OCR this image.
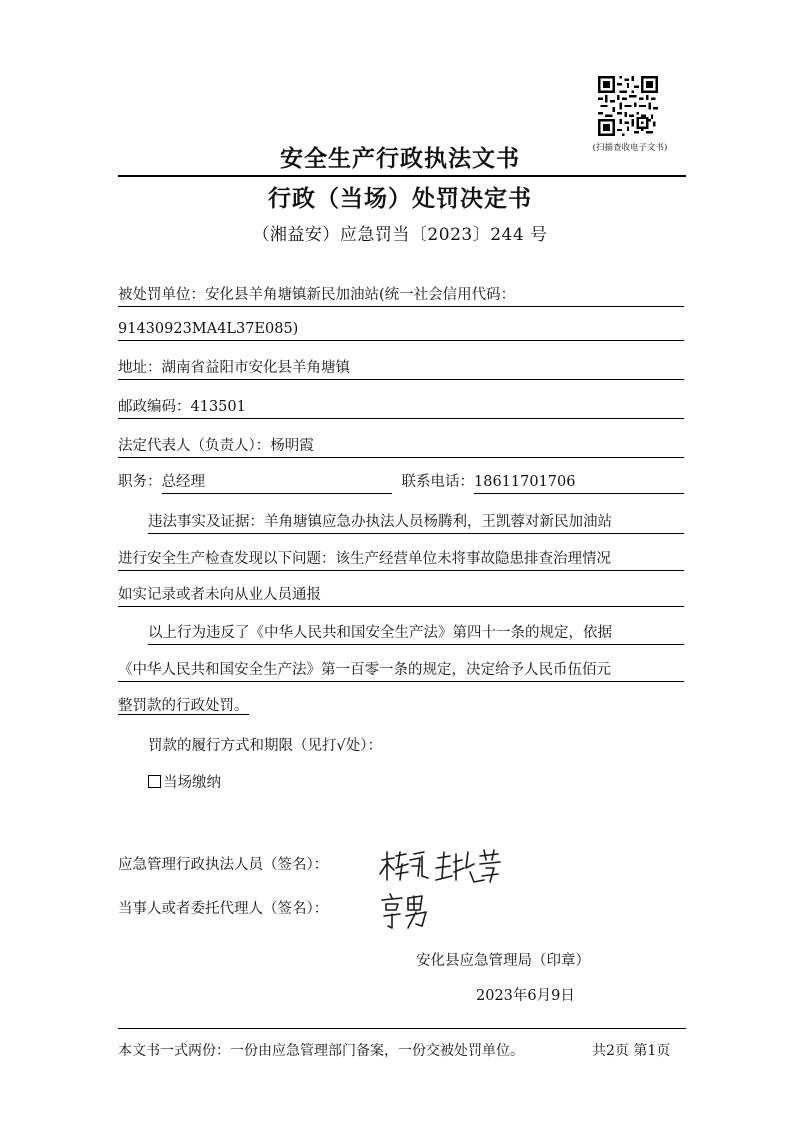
(扫描查收电子文书)
安全生产行政执法文书
行政（当场）处罚决定书
（湘益安）应急罚当〔2023〕244 号
被处罚单位：安化县羊角塘镇新民加油站(统一社会信用代码：
91430923MA4L37E085)
地址：湖南省益阳市安化县羊角塘镇
邮政编码：413501
法定代表人（负责人）：杨明霞
职务：总经理	联系电话：18611701706
违法事实及证据：羊角塘镇应急办执法人员杨腾利，王凯蓉对新民加油站
进行安全生产检查发现以下问题：该生产经营单位未将事故隐患排查治理情况
如实记录或者未向从业人员通报
以上行为违反了《中华人民共和国安全生产法》第四十一条的规定，依据
《中华人民共和国安全生产法》第一百零一条的规定，决定给予人民币伍佰元
整罚款的行政处罚。
罚款的履行方式和期限（见打√处）：
当场缴纳
应急管理行政执法人员（签名）：
当事人或者委托代理人（签名）：
安化县应急管理局（印章）
2023年6月9日
本文书一式两份：一份由应急管理部门备案，一份交被处罚单位。	共2页 第1页
